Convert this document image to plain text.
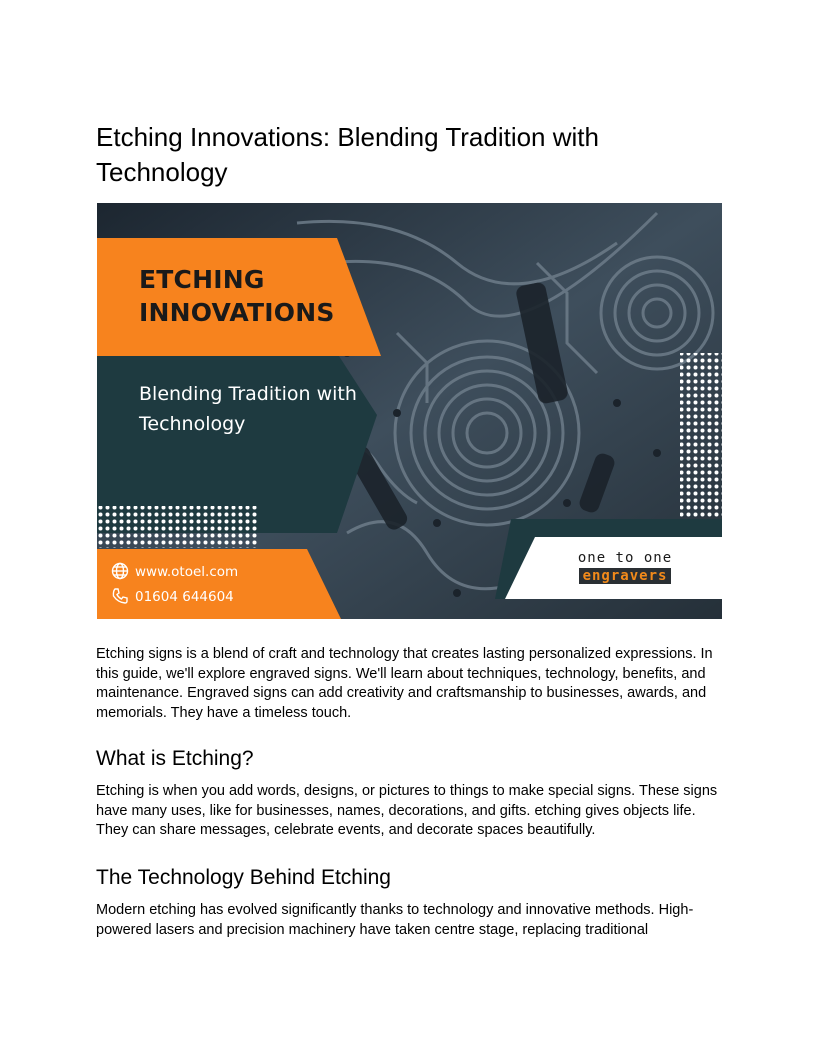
Etching Innovations: Blending Tradition with Technology
ETCHING INNOVATIONS
Blending Tradition with Technology
www.otoel.com
01604 644604
one to one
engravers

Etching signs is a blend of craft and technology that creates lasting personalized expressions. In this guide, we'll explore engraved signs. We'll learn about techniques, technology, benefits, and maintenance. Engraved signs can add creativity and craftsmanship to businesses, awards, and memorials. They have a timeless touch.

What is Etching?

Etching is when you add words, designs, or pictures to things to make special signs. These signs have many uses, like for businesses, names, decorations, and gifts. etching gives objects life. They can share messages, celebrate events, and decorate spaces beautifully.

The Technology Behind Etching

Modern etching has evolved significantly thanks to technology and innovative methods. High-powered lasers and precision machinery have taken centre stage, replacing traditional
